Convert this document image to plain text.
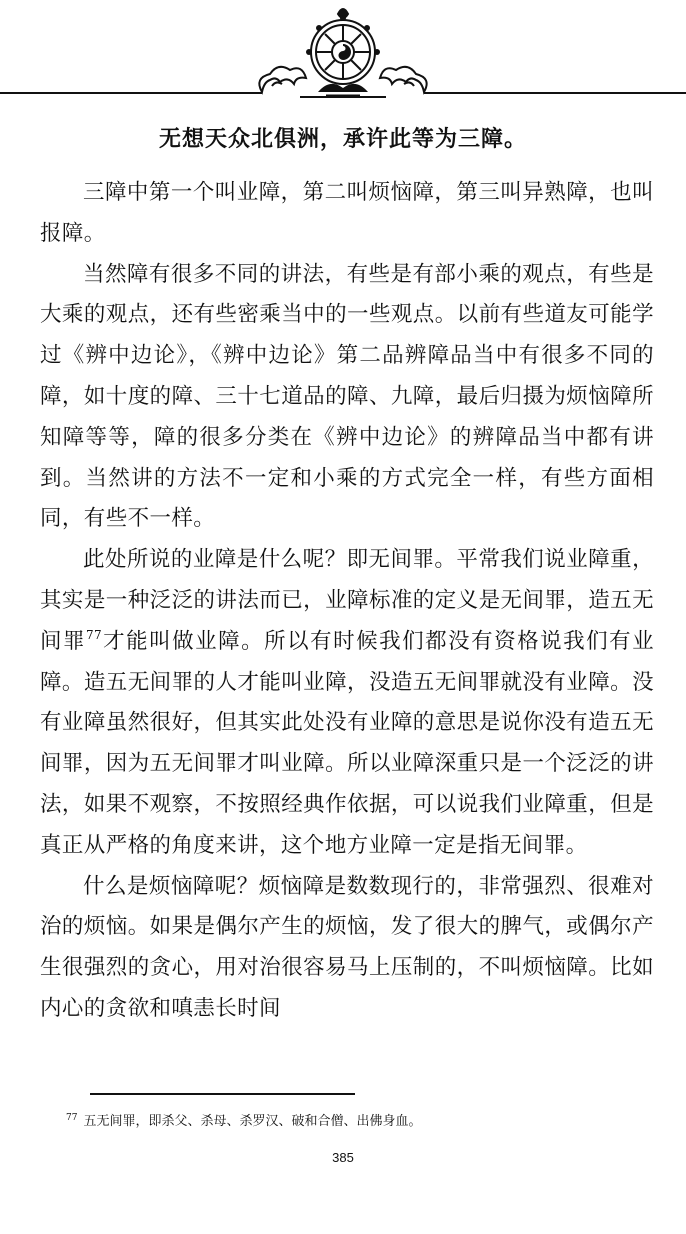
无想天众北俱洲，承许此等为三障。

三障中第一个叫业障，第二叫烦恼障，第三叫异熟障，也叫报障。

当然障有很多不同的讲法，有些是有部小乘的观点，有些是大乘的观点，还有些密乘当中的一些观点。以前有些道友可能学过《辨中边论》，《辨中边论》第二品辨障品当中有很多不同的障，如十度的障、三十七道品的障、九障，最后归摄为烦恼障所知障等等，障的很多分类在《辨中边论》的辨障品当中都有讲到。当然讲的方法不一定和小乘的方式完全一样，有些方面相同，有些不一样。

此处所说的业障是什么呢？即无间罪。平常我们说业障重，其实是一种泛泛的讲法而已，业障标准的定义是无间罪，造五无间罪$^{77}$才能叫做业障。所以有时候我们都没有资格说我们有业障。造五无间罪的人才能叫业障，没造五无间罪就没有业障。没有业障虽然很好，但其实此处没有业障的意思是说你没有造五无间罪，因为五无间罪才叫业障。所以业障深重只是一个泛泛的讲法，如果不观察，不按照经典作依据，可以说我们业障重，但是真正从严格的角度来讲，这个地方业障一定是指无间罪。

什么是烦恼障呢？烦恼障是数数现行的，非常强烈、很难对治的烦恼。如果是偶尔产生的烦恼，发了很大的脾气，或偶尔产生很强烈的贪心，用对治很容易马上压制的，不叫烦恼障。比如内心的贪欲和嗔恚长时间

$^{77}$ 五无间罪，即杀父、杀母、杀罗汉、破和合僧、出佛身血。
385
